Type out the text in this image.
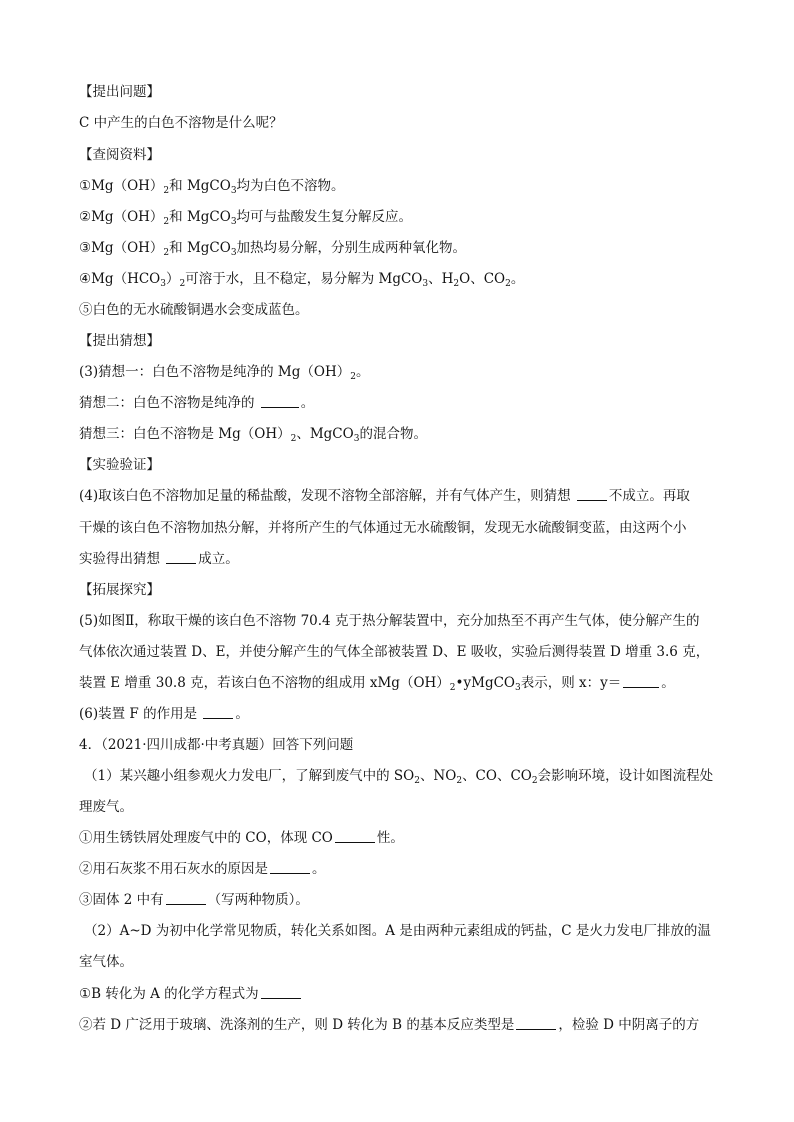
【提出问题】
C 中产生的白色不溶物是什么呢？
【查阅资料】
$①Mg(OH)_2$和 MgCO$_3$均为白色不溶物。
$②Mg(OH)_2$和 MgCO$_3$均可与盐酸发生复分解反应。
$③Mg(OH)_2$和 MgCO$_3$加热均易分解，分别生成两种氧化物。
$④Mg(HCO_3)_2$可溶于水，且不稳定，易分解为 MgCO$_3$、$H_2O$、$CO_2$。
⑤白色的无水硫酸铜遇水会变成蓝色。
【提出猜想】
(3)猜想一：白色不溶物是纯净的 $Mg(OH)_2$。
猜想二：白色不溶物是纯净的	。
猜想三：白色不溶物是 $Mg(OH)_2$、MgCO$_3$的混合物。
【实验验证】
(4)取该白色不溶物加足量的稀盐酸，发现不溶物全部溶解，并有气体产生，则猜想	不成立。再取
干燥的该白色不溶物加热分解，并将所产生的气体通过无水硫酸铜，发现无水硫酸铜变蓝，由这两个小
实验得出猜想	成立。
【拓展探究】
(5)如图Ⅱ，称取干燥的该白色不溶物 70.4 克于热分解装置中，充分加热至不再产生气体，使分解产生的
气体依次通过装置 D、E，并使分解产生的气体全部被装置 D、E 吸收，实验后测得装置 D 增重 3.6 克，
装置 E 增重 30.8 克，若该白色不溶物的组成用 $xMg(OH)_2•yMgCO_3$表示，则 x：y＝	。
(6)装置 F 的作用是	。
4．（2021·四川成都·中考真题）回答下列问题
（1）某兴趣小组参观火力发电厂，了解到废气中的 $SO_2$、$NO_2$、CO、$CO_2$会影响环境，设计如图流程处
理废气。
①用生锈铁屑处理废气中的 CO，体现 CO	性。
②用石灰浆不用石灰水的原因是	。
③固体 2 中有	（写两种物质）。
（2）A~D 为初中化学常见物质，转化关系如图。A 是由两种元素组成的钙盐，C 是火力发电厂排放的温
室气体。
①B 转化为 A 的化学方程式为
②若 D 广泛用于玻璃、洗涤剂的生产，则 D 转化为 B 的基本反应类型是	，检验 D 中阴离子的方
